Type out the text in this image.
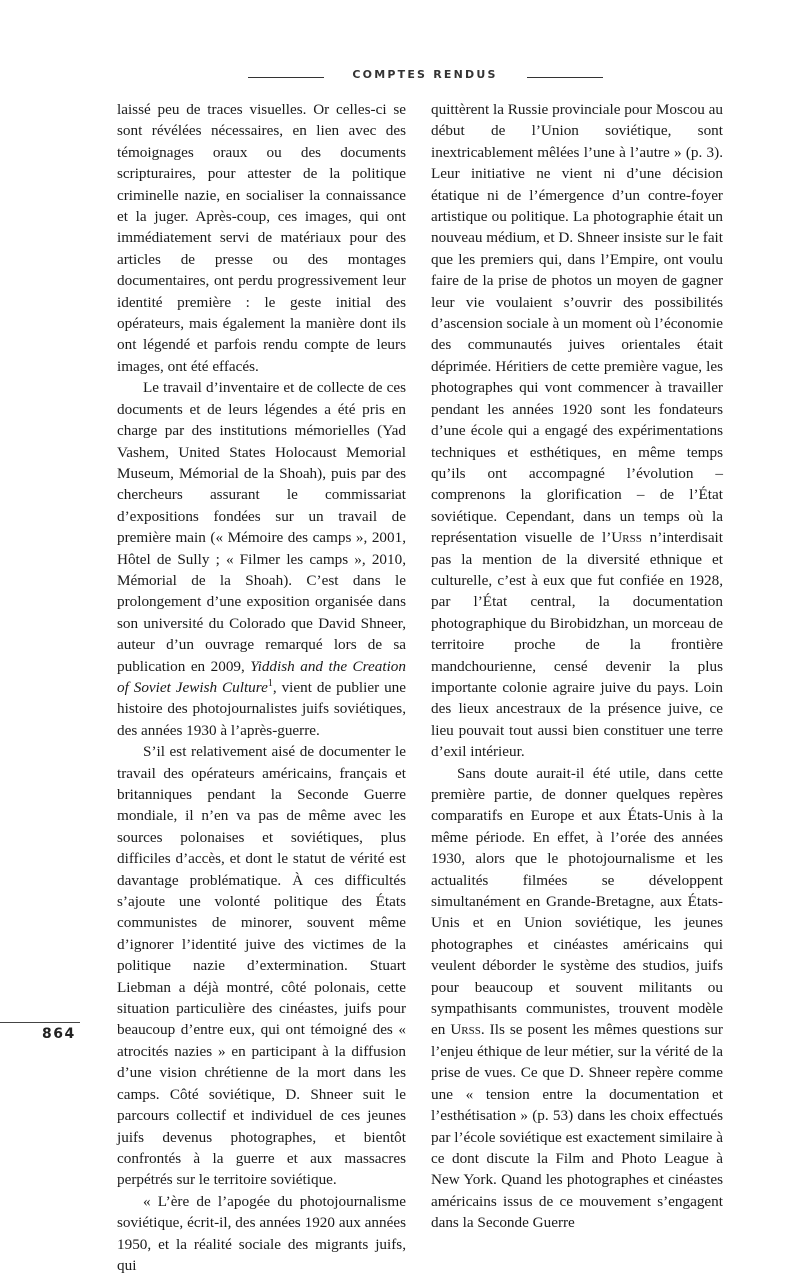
COMPTES RENDUS

laissé peu de traces visuelles. Or celles-ci se sont révélées nécessaires, en lien avec des témoignages oraux ou des documents scripturaires, pour attester de la politique criminelle nazie, en socialiser la connaissance et la juger. Après-coup, ces images, qui ont immédiatement servi de matériaux pour des articles de presse ou des montages documentaires, ont perdu progressivement leur identité première : le geste initial des opérateurs, mais également la manière dont ils ont légendé et parfois rendu compte de leurs images, ont été effacés.

Le travail d’inventaire et de collecte de ces documents et de leurs légendes a été pris en charge par des institutions mémorielles (Yad Vashem, United States Holocaust Memorial Museum, Mémorial de la Shoah), puis par des chercheurs assurant le commissariat d’expositions fondées sur un travail de première main (« Mémoire des camps », 2001, Hôtel de Sully ; « Filmer les camps », 2010, Mémorial de la Shoah). C’est dans le prolongement d’une exposition organisée dans son université du Colorado que David Shneer, auteur d’un ouvrage remarqué lors de sa publication en 2009, Yiddish and the Creation of Soviet Jewish Culture$^1$, vient de publier une histoire des photojournalistes juifs soviétiques, des années 1930 à l’après-guerre.

S’il est relativement aisé de documenter le travail des opérateurs américains, français et britanniques pendant la Seconde Guerre mondiale, il n’en va pas de même avec les sources polonaises et soviétiques, plus difficiles d’accès, et dont le statut de vérité est davantage problématique. À ces difficultés s’ajoute une volonté politique des États communistes de minorer, souvent même d’ignorer l’identité juive des victimes de la politique nazie d’extermination. Stuart Liebman a déjà montré, côté polonais, cette situation particulière des cinéastes, juifs pour beaucoup d’entre eux, qui ont témoigné des « atrocités nazies » en participant à la diffusion d’une vision chrétienne de la mort dans les camps. Côté soviétique, D. Shneer suit le parcours collectif et individuel de ces jeunes juifs devenus photographes, et bientôt confrontés à la guerre et aux massacres perpétrés sur le territoire soviétique.

« L’ère de l’apogée du photojournalisme soviétique, écrit-il, des années 1920 aux années 1950, et la réalité sociale des migrants juifs, qui

quittèrent la Russie provinciale pour Moscou au début de l’Union soviétique, sont inextricablement mêlées l’une à l’autre » (p. 3). Leur initiative ne vient ni d’une décision étatique ni de l’émergence d’un contre-foyer artistique ou politique. La photographie était un nouveau médium, et D. Shneer insiste sur le fait que les premiers qui, dans l’Empire, ont voulu faire de la prise de photos un moyen de gagner leur vie voulaient s’ouvrir des possibilités d’ascension sociale à un moment où l’économie des communautés juives orientales était déprimée. Héritiers de cette première vague, les photographes qui vont commencer à travailler pendant les années 1920 sont les fondateurs d’une école qui a engagé des expérimentations techniques et esthétiques, en même temps qu’ils ont accompagné l’évolution – comprenons la glorification – de l’État soviétique. Cependant, dans un temps où la représentation visuelle de l’Urss n’interdisait pas la mention de la diversité ethnique et culturelle, c’est à eux que fut confiée en 1928, par l’État central, la documentation photographique du Birobidzhan, un morceau de territoire proche de la frontière mandchourienne, censé devenir la plus importante colonie agraire juive du pays. Loin des lieux ancestraux de la présence juive, ce lieu pouvait tout aussi bien constituer une terre d’exil intérieur.

Sans doute aurait-il été utile, dans cette première partie, de donner quelques repères comparatifs en Europe et aux États-Unis à la même période. En effet, à l’orée des années 1930, alors que le photojournalisme et les actualités filmées se développent simultanément en Grande-Bretagne, aux États-Unis et en Union soviétique, les jeunes photographes et cinéastes américains qui veulent déborder le système des studios, juifs pour beaucoup et souvent militants ou sympathisants communistes, trouvent modèle en Urss. Ils se posent les mêmes questions sur l’enjeu éthique de leur métier, sur la vérité de la prise de vues. Ce que D. Shneer repère comme une « tension entre la documentation et l’esthétisation » (p. 53) dans les choix effectués par l’école soviétique est exactement similaire à ce dont discute la Film and Photo League à New York. Quand les photographes et cinéastes américains issus de ce mouvement s’engagent dans la Seconde Guerre

864
